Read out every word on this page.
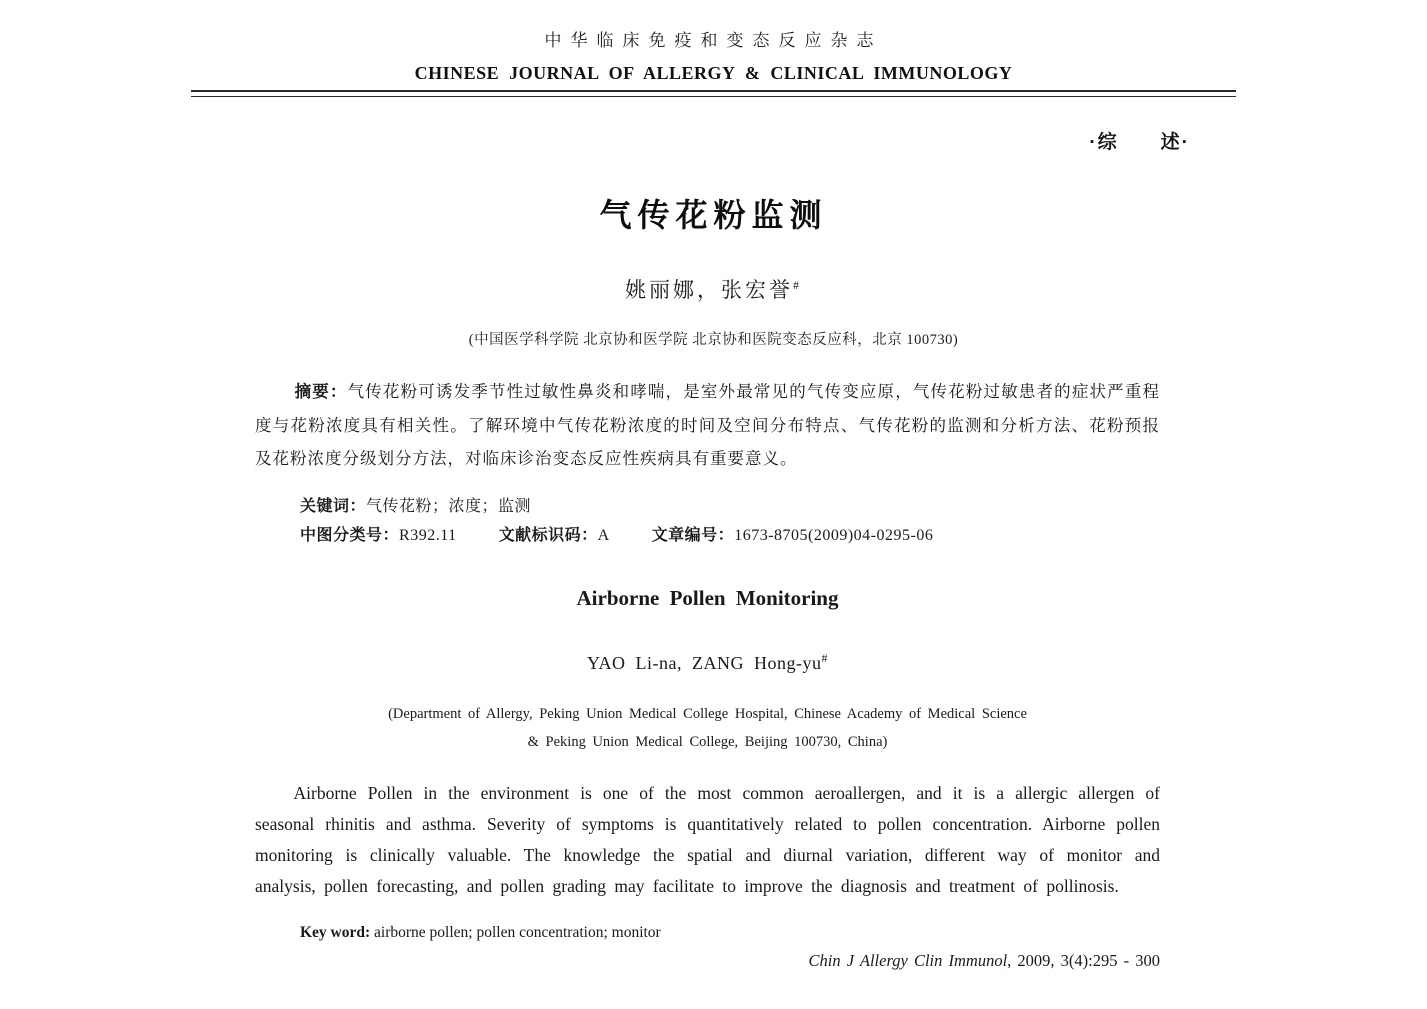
中华临床免疫和变态反应杂志
CHINESE JOURNAL OF ALLERGY & CLINICAL IMMUNOLOGY
·综　　述·
气传花粉监测
姚丽娜，张宏誉#
(中国医学科学院 北京协和医学院 北京协和医院变态反应科，北京 100730)

摘要：气传花粉可诱发季节性过敏性鼻炎和哮喘，是室外最常见的气传变应原，气传花粉过敏患者的症状严重程度与花粉浓度具有相关性。了解环境中气传花粉浓度的时间及空间分布特点、气传花粉的监测和分析方法、花粉预报及花粉浓度分级划分方法，对临床诊治变态反应性疾病具有重要意义。

关键词：气传花粉；浓度；监测
中图分类号：R392.11	文献标识码：A	文章编号：1673-8705(2009)04-0295-06
Airborne Pollen Monitoring
YAO Li-na, ZANG Hong-yu#
(Department of Allergy, Peking Union Medical College Hospital, Chinese Academy of Medical Science
& Peking Union Medical College, Beijing 100730, China)

Airborne Pollen in the environment is one of the most common aeroallergen, and it is a allergic allergen of seasonal rhinitis and asthma. Severity of symptoms is quantitatively related to pollen concentration. Airborne pollen monitoring is clinically valuable. The knowledge the spatial and diurnal variation, different way of monitor and analysis, pollen forecasting, and pollen grading may facilitate to improve the diagnosis and treatment of pollinosis.

Key word: airborne pollen; pollen concentration; monitor
Chin J Allergy Clin Immunol, 2009, 3(4):295 - 300
